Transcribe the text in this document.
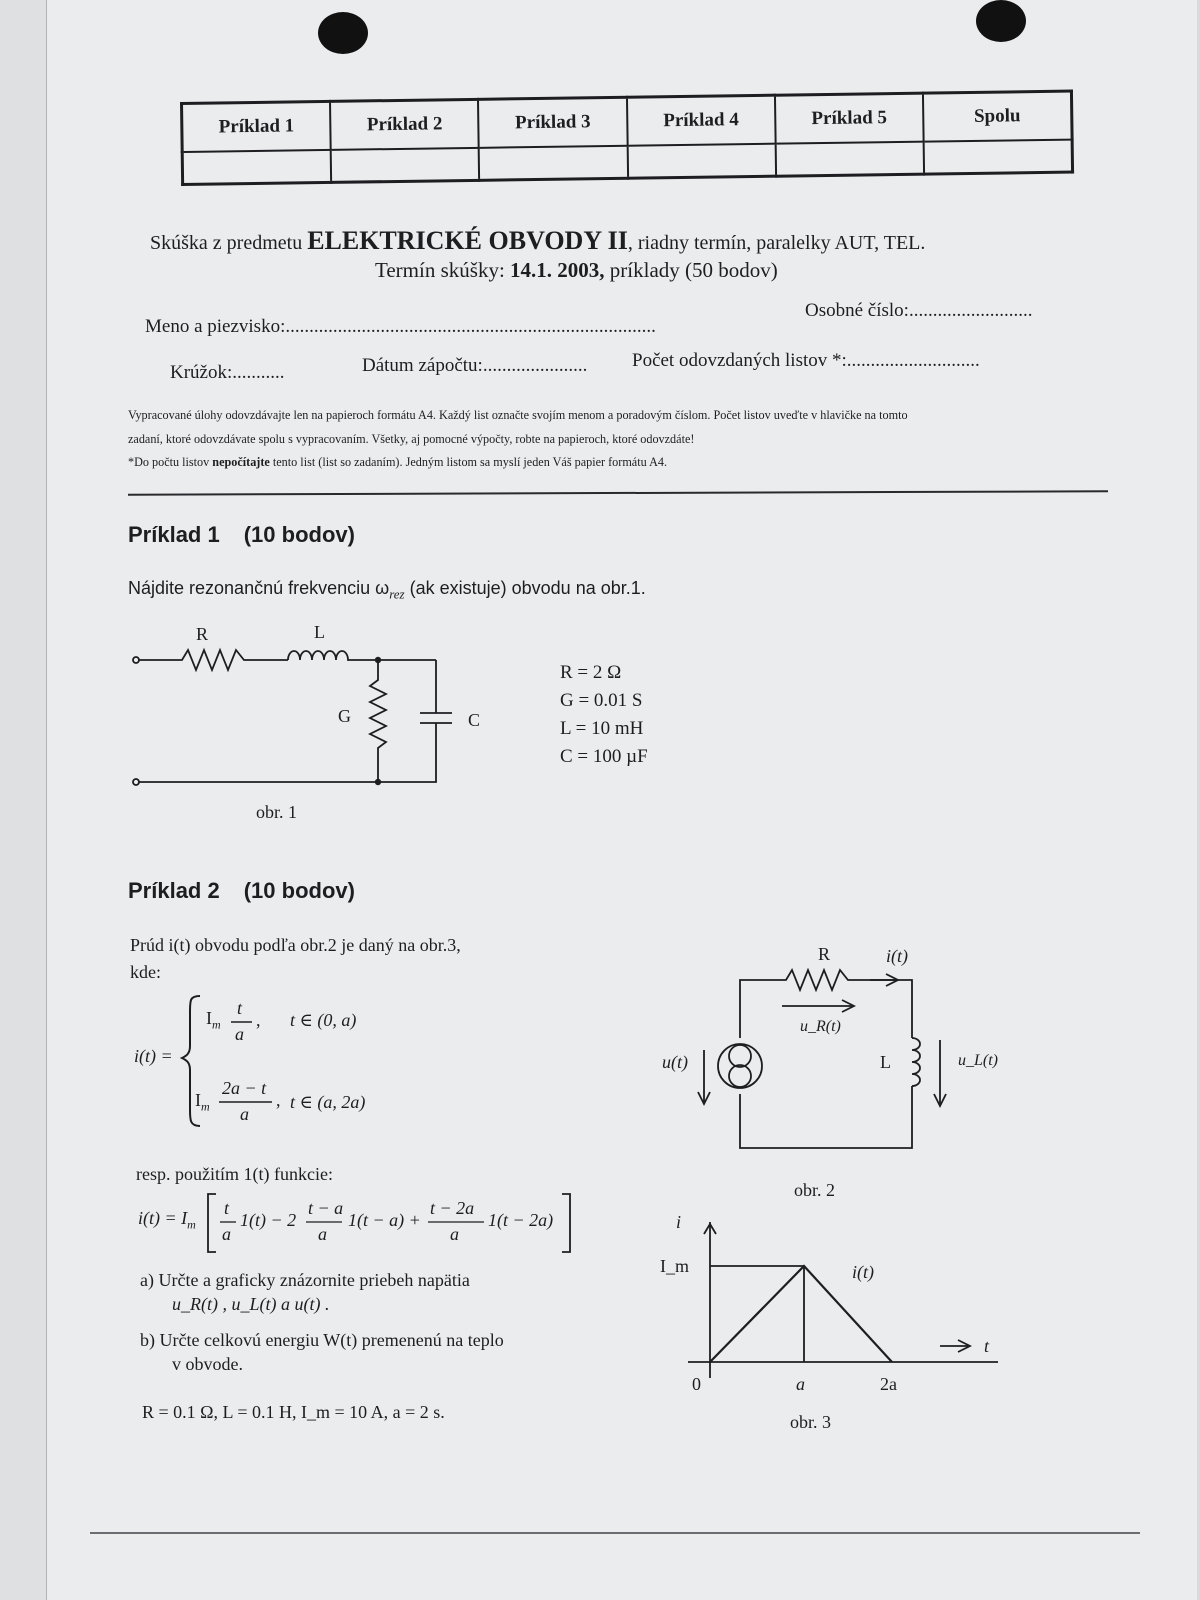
Príklad 1	Príklad 2	Príklad 3	Príklad 4	Príklad 5	Spolu

Skúška z predmetu ELEKTRICKÉ OBVODY II, riadny termín, paralelky AUT, TEL.
Termín skúšky: 14.1. 2003, príklady (50 bodov)
Meno a piezvisko:..............................................................................
Osobné číslo:..........................
Krúžok:...........	Dátum zápočtu:...................... Počet odovzdaných listov *:............................
Vypracované úlohy odovzdávajte len na papieroch formátu A4. Každý list označte svojím menom a poradovým číslom. Počet listov uveďte v hlavičke na tomto
zadaní, ktoré odovzdávate spolu s vypracovaním. Všetky, aj pomocné výpočty, robte na papieroch, ktoré odovzdáte!
*Do počtu listov nepočítajte tento list (list so zadaním). Jedným listom sa myslí jeden Váš papier formátu A4.
Príklad 1 (10 bodov)
Nájdite rezonančnú frekvenciu $\omega_{rez}$ (ak existuje) obvodu na obr.1.
R	L
G	C
R = 2 Ω
G = 0.01 S
L = 10 mH
C = 100 µF
obr. 1
Príklad 2 (10 bodov)
Prúd i(t) obvodu podľa obr.2 je daný na obr.3,
kde:
i(t) =
$I_m$
t
a
, t ∈ (0, a)
$I_m$
2a − t
a
, t ∈ (a, 2a)
resp. použitím 1(t) funkcie:
$i(t) = I_m$
t
a
1(t) − 2
t − a
a
1(t − a) +
t − 2a
a
1(t − 2a)
a) Určte a graficky znázornite priebeh napätia
u_R(t) , u_L(t) a u(t) .
b) Určte celkovú energiu W(t) premenenú na teplo
v obvode.
R = 0.1 Ω, L = 0.1 H, I_m = 10 A, a = 2 s.
R	i(t)
u_R(t)
u(t)	L	u_L(t)
obr. 2
i
I_m	i(t)
t
0	a	2a
obr. 3
